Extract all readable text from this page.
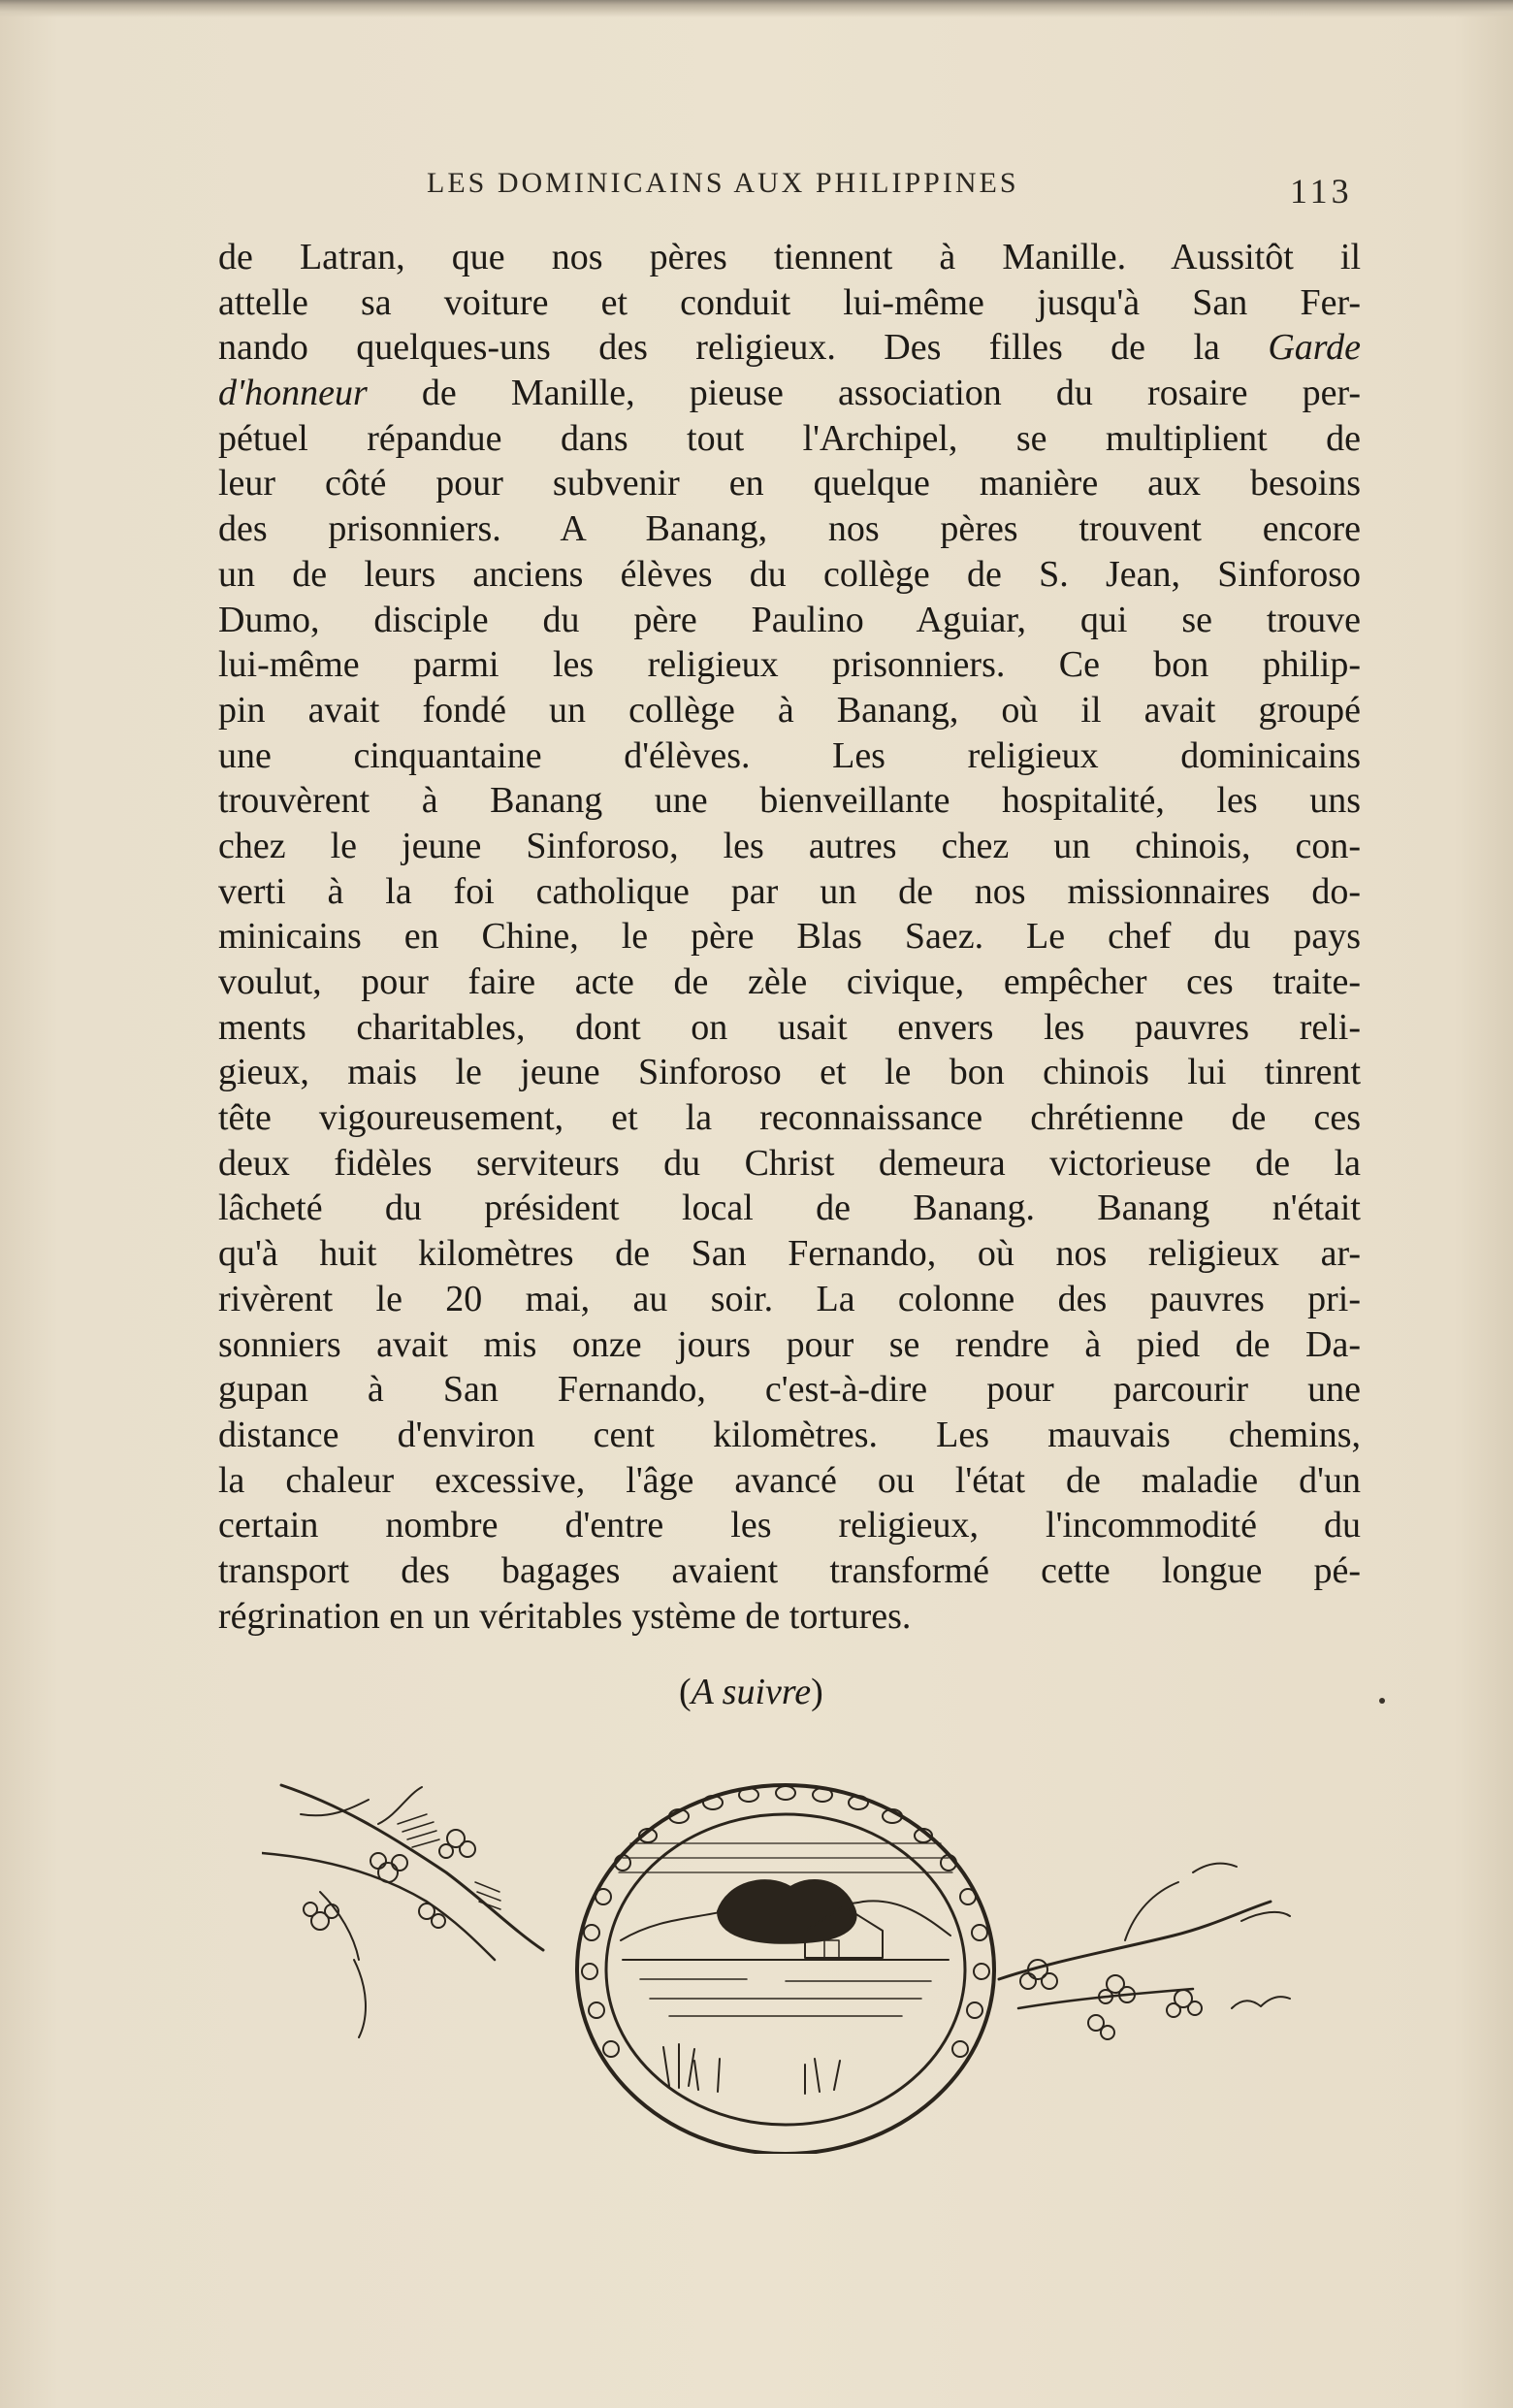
LES DOMINICAINS AUX PHILIPPINES	113
de Latran, que nos pères tiennent à Manille. Aussitôt il
attelle sa voiture et conduit lui-même jusqu'à San Fer-
nando quelques-uns des religieux. Des filles de la Garde
d'honneur de Manille, pieuse association du rosaire per-
pétuel répandue dans tout l'Archipel, se multiplient de
leur côté pour subvenir en quelque manière aux besoins
des prisonniers. A Banang, nos pères trouvent encore
un de leurs anciens élèves du collège de S. Jean, Sinforoso
Dumo, disciple du père Paulino Aguiar, qui se trouve
lui-même parmi les religieux prisonniers. Ce bon philip-
pin avait fondé un collège à Banang, où il avait groupé
une cinquantaine d'élèves. Les religieux dominicains
trouvèrent à Banang une bienveillante hospitalité, les uns
chez le jeune Sinforoso, les autres chez un chinois, con-
verti à la foi catholique par un de nos missionnaires do-
minicains en Chine, le père Blas Saez. Le chef du pays
voulut, pour faire acte de zèle civique, empêcher ces traite-
ments charitables, dont on usait envers les pauvres reli-
gieux, mais le jeune Sinforoso et le bon chinois lui tinrent
tête vigoureusement, et la reconnaissance chrétienne de ces
deux fidèles serviteurs du Christ demeura victorieuse de la
lâcheté du président local de Banang. Banang n'était
qu'à huit kilomètres de San Fernando, où nos religieux ar-
rivèrent le 20 mai, au soir. La colonne des pauvres pri-
sonniers avait mis onze jours pour se rendre à pied de Da-
gupan à San Fernando, c'est-à-dire pour parcourir une
distance d'environ cent kilomètres. Les mauvais chemins,
la chaleur excessive, l'âge avancé ou l'état de maladie d'un
certain nombre d'entre les religieux, l'incommodité du
transport des bagages avaient transformé cette longue pé-
régrination en un véritables ystème de tortures.
(A suivre)
